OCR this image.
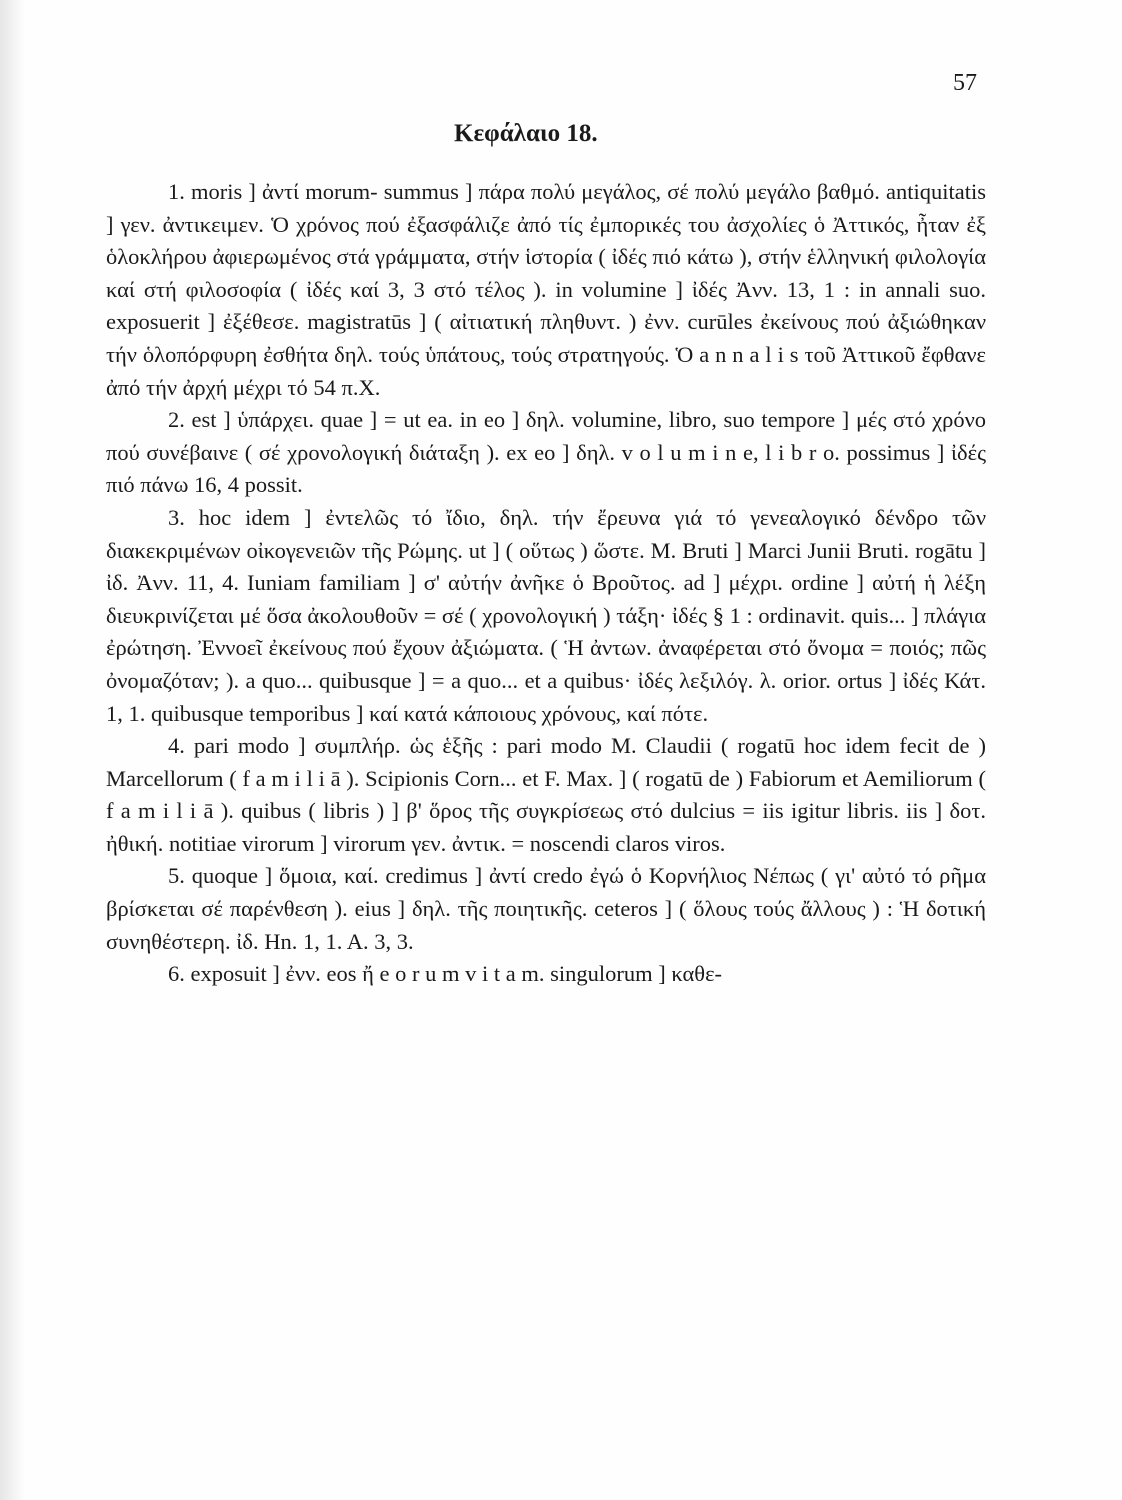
57
Κεφάλαιο 18.

1. moris ] ἀντί morum- summus ] πάρα πολύ μεγάλος, σέ πολύ μεγάλο βαθμό. antiquitatis ] γεν. ἀντικειμεν. Ὁ χρόνος πού ἐξασφάλιζε ἀπό τίς ἐμπορικές του ἀσχολίες ὁ Ἀττικός, ἦταν ἐξ ὁλοκλήρου ἀφιερωμένος στά γράμματα, στήν ἱστορία ( ἰδές πιό κάτω ), στήν ἑλληνική φιλολογία καί στή φιλοσοφία ( ἰδές καί 3, 3 στό τέλος ). in volumine ] ἰδές Ἀνν. 13, 1 : in annali suo. exposuerit ] ἐξέθεσε. magistratūs ] ( αἰτιατική πληθυντ. ) ἐνν. curūles ἐκείνους πού ἀξιώθηκαν τήν ὁλοπόρφυρη ἐσθήτα δηλ. τούς ὑπάτους, τούς στρατηγούς. Ὁ a n n a l i s τοῦ Ἀττικοῦ ἔφθανε ἀπό τήν ἀρχή μέχρι τό 54 π.Χ.

2. est ] ὑπάρχει. quae ] = ut ea. in eo ] δηλ. volumine, libro, suo tempore ] μές στό χρόνο πού συνέβαινε ( σέ χρονολογική διάταξη ). ex eo ] δηλ. v o l u m i n e, l i b r o. possimus ] ἰδές πιό πάνω 16, 4 possit.

3. hoc idem ] ἐντελῶς τό ἴδιο, δηλ. τήν ἔρευνα γιά τό γενεαλογικό δένδρο τῶν διακεκριμένων οἰκογενειῶν τῆς Ρώμης. ut ] ( οὕτως ) ὥστε. M. Bruti ] Marci Junii Bruti. rogātu ] ἰδ. Ἀνν. 11, 4. Iuniam familiam ] σ' αὐτήν ἀνῆκε ὁ Βροῦτος. ad ] μέχρι. ordine ] αὐτή ἡ λέξη διευκρινίζεται μέ ὅσα ἀκολουθοῦν = σέ ( χρονολογική ) τάξη· ἰδές § 1 : ordinavit. quis... ] πλάγια ἐρώτηση. Ἐννοεῖ ἐκείνους πού ἔχουν ἀξιώματα. ( Ἡ ἀντων. ἀναφέρεται στό ὄνομα = ποιός; πῶς ὀνομαζόταν; ). a quo... quibusque ] = a quo... et a quibus· ἰδές λεξιλόγ. λ. orior. ortus ] ἰδές Κάτ. 1, 1. quibusque temporibus ] καί κατά κάποιους χρόνους, καί πότε.

4. pari modo ] συμπλήρ. ὡς ἑξῆς : pari modo M. Claudii ( rogatū hoc idem fecit de ) Marcellorum ( f a m i l i ā ). Scipionis Corn... et F. Max. ] ( rogatū de ) Fabiorum et Aemiliorum ( f a m i l i ā ). quibus ( libris ) ] β' ὅρος τῆς συγκρίσεως στό dulcius = iis igitur libris. iis ] δοτ. ἠθική. notitiae virorum ] virorum γεν. ἀντικ. = noscendi claros viros.

5. quoque ] ὅμοια, καί. credimus ] ἀντί credo ἐγώ ὁ Κορνήλιος Νέπως ( γι' αὐτό τό ρῆμα βρίσκεται σέ παρένθεση ). eius ] δηλ. τῆς ποιητικῆς. ceteros ] ( ὅλους τούς ἄλλους ) : Ἡ δοτική συνηθέστερη. ἰδ. Hn. 1, 1. A. 3, 3.

6. exposuit ] ἐνν. eos ἤ e o r u m v i t a m. singulorum ] καθε-
